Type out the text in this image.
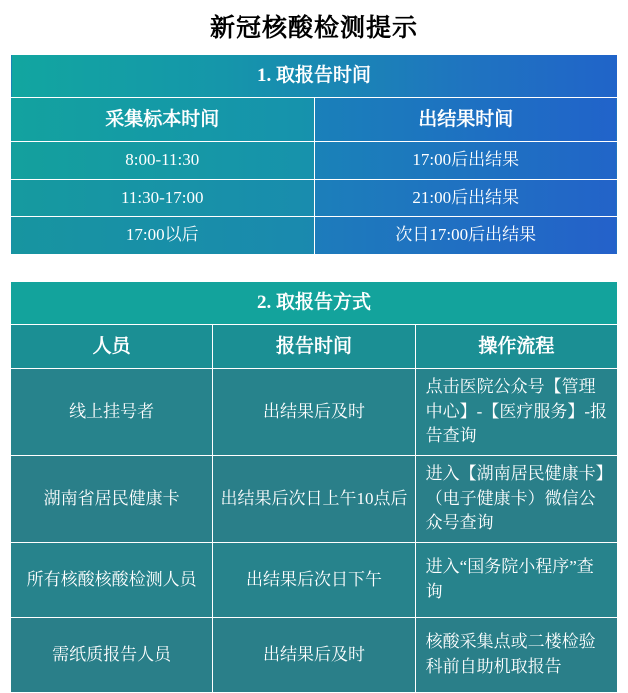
新冠核酸检测提示
1. 取报告时间	
采集标本时间	出结果时间
8:00-11:30	17:00后出结果
11:30-17:00	21:00后出结果
17:00以后	次日17:00后出结果
2. 取报告方式		
人员	报告时间	操作流程
线上挂号者	出结果后及时	点击医院公众号【管理中心】-【医疗服务】-报告查询
湖南省居民健康卡	出结果后次日上午10点后	进入【湖南居民健康卡】（电子健康卡）微信公众号查询
所有核酸核酸检测人员	出结果后次日下午	进入“国务院小程序”查询
需纸质报告人员	出结果后及时	核酸采集点或二楼检验科前自助机取报告
